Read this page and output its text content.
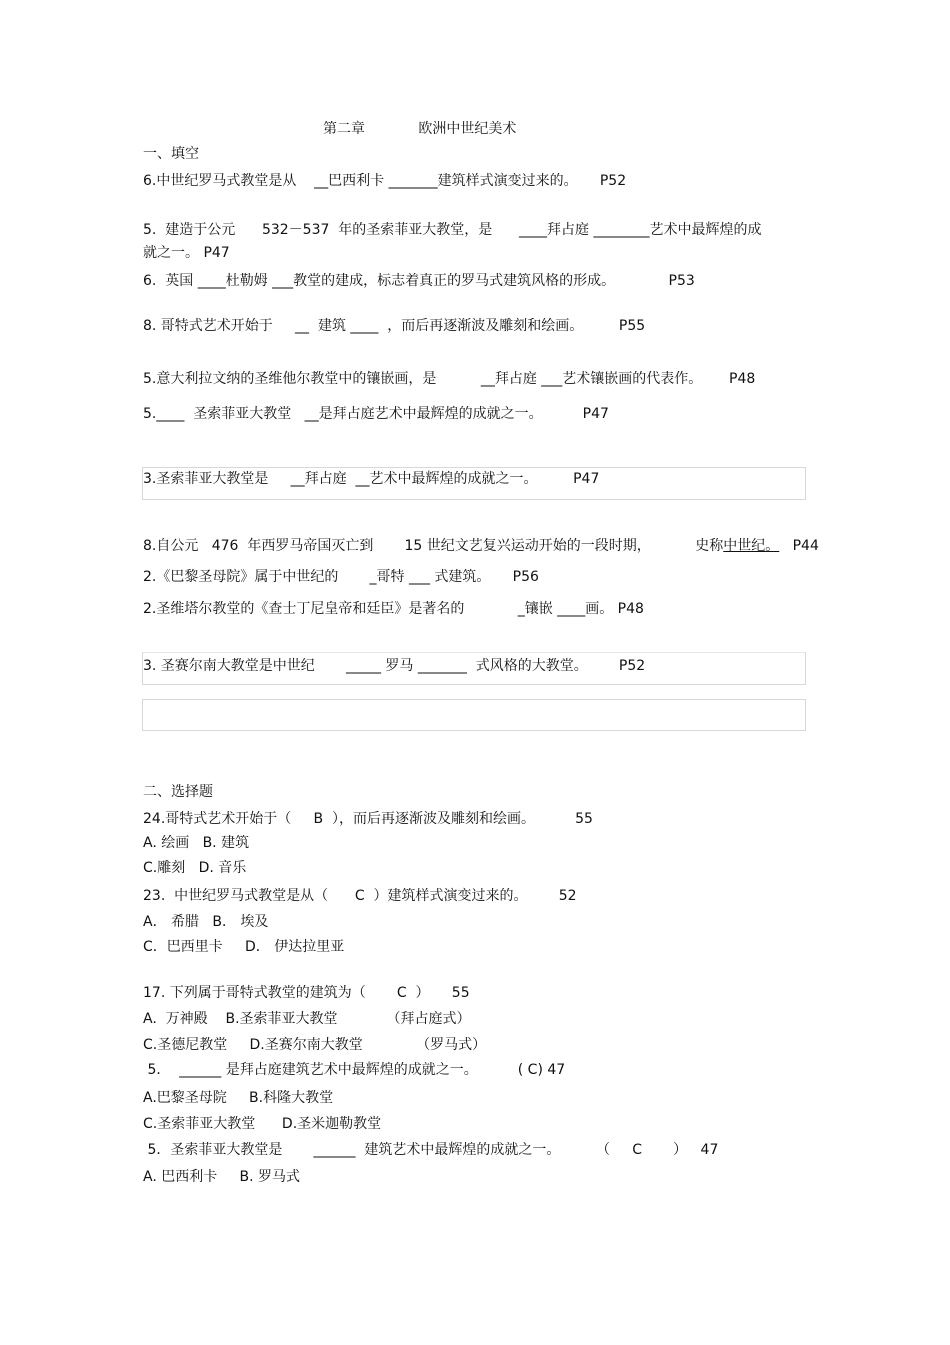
第二章            欧洲中世纪美术
一、填空
6.中世纪罗马式教堂是从    __巴西利卡 _______建筑样式演变过来的。     P52
5.  建造于公元      532－537  年的圣索菲亚大教堂，是      ____拜占庭 ________艺术中最辉煌的成
就之一。 P47
6.  英国 ____杜勒姆 ___教堂的建成，标志着真正的罗马式建筑风格的形成。            P53
8. 哥特式艺术开始于     __  建筑 ____  ，而后再逐渐波及雕刻和绘画。        P55
5.意大利拉文纳的圣维他尔教堂中的镶嵌画，是          __拜占庭 ___艺术镶嵌画的代表作。      P48
5.____  圣索菲亚大教堂   __是拜占庭艺术中最辉煌的成就之一。         P47
3.圣索菲亚大教堂是     __拜占庭  __艺术中最辉煌的成就之一。        P47
8.自公元   476  年西罗马帝国灭亡到       15 世纪文艺复兴运动开始的一段时期，          史称中世纪。   P44
2.《巴黎圣母院》属于中世纪的       _哥特 ___ 式建筑。     P56
2.圣维塔尔教堂的《查士丁尼皇帝和廷臣》是著名的            _镶嵌 ____画。 P48
3. 圣赛尔南大教堂是中世纪       _____ 罗马 _______  式风格的大教堂。       P52
二、选择题
24.哥特式艺术开始于（     B  ），而后再逐渐波及雕刻和绘画。         55
A. 绘画   B. 建筑
C.雕刻   D. 音乐
23.  中世纪罗马式教堂是从（      C  ）建筑样式演变过来的。       52
A． 希腊   B． 埃及
C．巴西里卡     D． 伊达拉里亚
17. 下列属于哥特式教堂的建筑为（       C  ）     55
A.  万神殿    B.圣索菲亚大教堂           （拜占庭式）
C.圣德尼教堂     D.圣赛尔南大教堂            （罗马式）
5．  ______ 是拜占庭建筑艺术中最辉煌的成就之一。         ( C) 47
A.巴黎圣母院     B.科隆大教堂
C.圣索菲亚大教堂      D.圣米迦勒教堂
5．圣索菲亚大教堂是       ______  建筑艺术中最辉煌的成就之一。        （     C       ）   47
A. 巴西利卡     B. 罗马式
